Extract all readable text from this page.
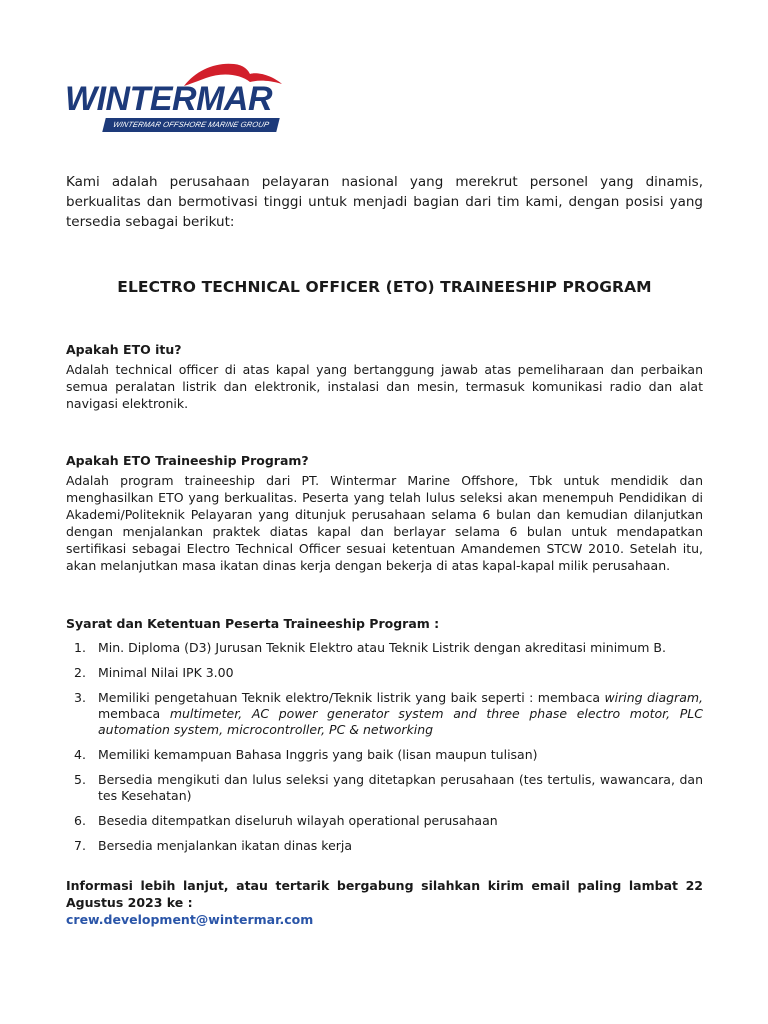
WINTERMAR
WINTERMAR OFFSHORE MARINE GROUP

Kami adalah perusahaan pelayaran nasional yang merekrut personel yang dinamis, berkualitas dan bermotivasi tinggi untuk menjadi bagian dari tim kami, dengan posisi yang tersedia sebagai berikut:

ELECTRO TECHNICAL OFFICER (ETO) TRAINEESHIP PROGRAM
Apakah ETO itu?

Adalah technical officer di atas kapal yang bertanggung jawab atas pemeliharaan dan perbaikan semua peralatan listrik dan elektronik, instalasi dan mesin, termasuk komunikasi radio dan alat navigasi elektronik.

Apakah ETO Traineeship Program?

Adalah program traineeship dari PT. Wintermar Marine Offshore, Tbk untuk mendidik dan menghasilkan ETO yang berkualitas. Peserta yang telah lulus seleksi akan menempuh Pendidikan di Akademi/Politeknik Pelayaran yang ditunjuk perusahaan selama 6 bulan dan kemudian dilanjutkan dengan menjalankan praktek diatas kapal dan berlayar selama 6 bulan untuk mendapatkan sertifikasi sebagai Electro Technical Officer sesuai ketentuan Amandemen STCW 2010. Setelah itu, akan melanjutkan masa ikatan dinas kerja dengan bekerja di atas kapal-kapal milik perusahaan.

Syarat dan Ketentuan Peserta Traineeship Program :
1. Min. Diploma (D3) Jurusan Teknik Elektro atau Teknik Listrik dengan akreditasi minimum B.
2. Minimal Nilai IPK 3.00
3. Memiliki pengetahuan Teknik elektro/Teknik listrik yang baik seperti : membaca wiring diagram, membaca multimeter, AC power generator system and three phase electro motor, PLC automation system, microcontroller, PC & networking
4. Memiliki kemampuan Bahasa Inggris yang baik (lisan maupun tulisan)
5. Bersedia mengikuti dan lulus seleksi yang ditetapkan perusahaan (tes tertulis, wawancara, dan tes Kesehatan)
6. Besedia ditempatkan diseluruh wilayah operational perusahaan
7. Bersedia menjalankan ikatan dinas kerja
Informasi lebih lanjut, atau tertarik bergabung silahkan kirim email paling lambat 22 Agustus 2023 ke :
crew.development@wintermar.com
